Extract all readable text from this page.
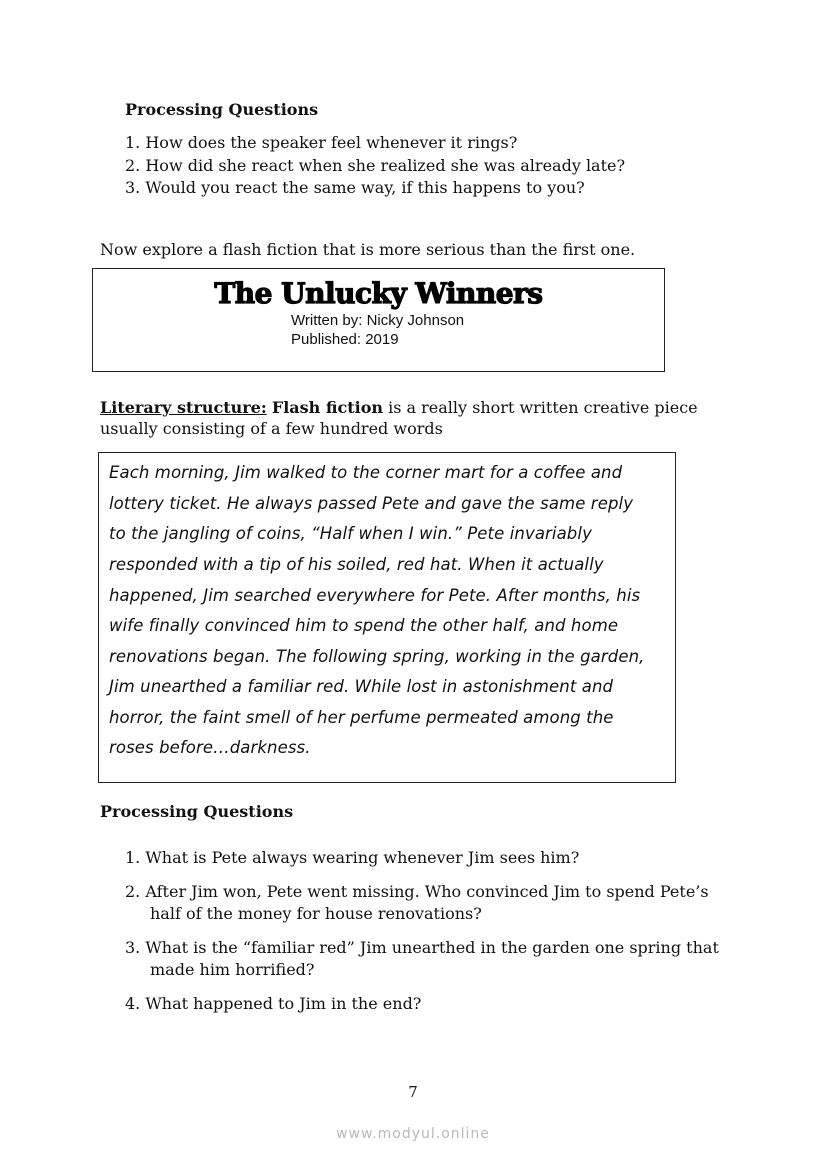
Processing Questions
1. How does the speaker feel whenever it rings?
2. How did she react when she realized she was already late?
3. Would you react the same way, if this happens to you?
Now explore a flash fiction that is more serious than the first one.
The Unlucky Winners
Written by: Nicky Johnson
Published: 2019
Literary structure: Flash fiction is a really short written creative piece usually consisting of a few hundred words
Each morning, Jim walked to the corner mart for a coffee and
lottery ticket. He always passed Pete and gave the same reply
to the jangling of coins, “Half when I win.” Pete invariably
responded with a tip of his soiled, red hat. When it actually
happened, Jim searched everywhere for Pete. After months, his
wife finally convinced him to spend the other half, and home
renovations began. The following spring, working in the garden,
Jim unearthed a familiar red. While lost in astonishment and
horror, the faint smell of her perfume permeated among the
roses before…darkness.
Processing Questions
1. What is Pete always wearing whenever Jim sees him?
2. After Jim won, Pete went missing. Who convinced Jim to spend Pete’s
half of the money for house renovations?
3. What is the “familiar red” Jim unearthed in the garden one spring that
made him horrified?
4. What happened to Jim in the end?
7
www.modyul.online
